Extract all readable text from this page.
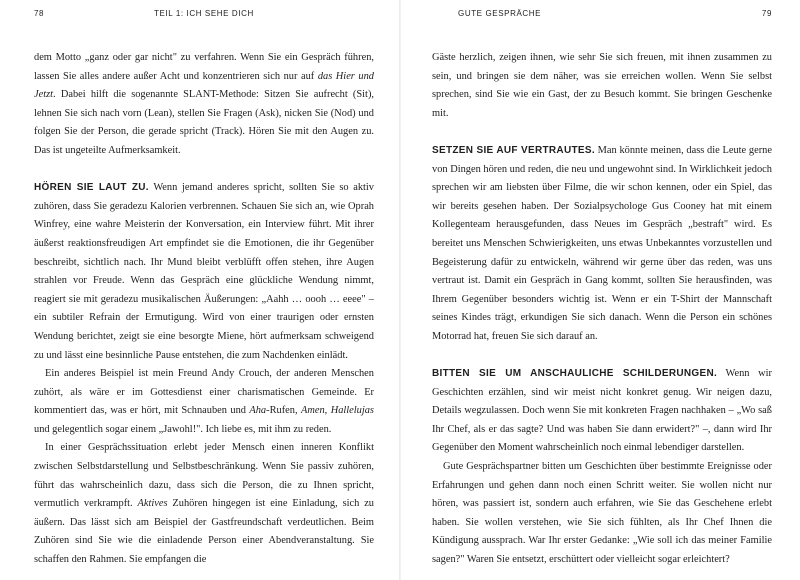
78	TEIL 1: ICH SEHE DICH

dem Motto „ganz oder gar nicht" zu verfahren. Wenn Sie ein Gespräch führen, lassen Sie alles andere außer Acht und konzentrieren sich nur auf das Hier und Jetzt. Dabei hilft die sogenannte SLANT-Methode: Sitzen Sie aufrecht (Sit), lehnen Sie sich nach vorn (Lean), stellen Sie Fragen (Ask), nicken Sie (Nod) und folgen Sie der Person, die gerade spricht (Track). Hören Sie mit den Augen zu. Das ist ungeteilte Aufmerksamkeit.

HÖREN SIE LAUT ZU. Wenn jemand anderes spricht, sollten Sie so aktiv zuhören, dass Sie geradezu Kalorien verbrennen. Schauen Sie sich an, wie Oprah Winfrey, eine wahre Meisterin der Konversation, ein Interview führt. Mit ihrer äußerst reaktionsfreudigen Art empfindet sie die Emotionen, die ihr Gegenüber beschreibt, sichtlich nach. Ihr Mund bleibt verblüfft offen stehen, ihre Augen strahlen vor Freude. Wenn das Gespräch eine glückliche Wendung nimmt, reagiert sie mit geradezu musikalischen Äußerungen: „Aahh … oooh … eeee" – ein subtiler Refrain der Ermutigung. Wird von einer traurigen oder ernsten Wendung berichtet, zeigt sie eine besorgte Miene, hört aufmerksam schweigend zu und lässt eine besinnliche Pause entstehen, die zum Nachdenken einlädt.

Ein anderes Beispiel ist mein Freund Andy Crouch, der anderen Menschen zuhört, als wäre er im Gottesdienst einer charismatischen Gemeinde. Er kommentiert das, was er hört, mit Schnauben und Aha-Rufen, Amen, Hallelujas und gelegentlich sogar einem „Jawohl!". Ich liebe es, mit ihm zu reden.

In einer Gesprächssituation erlebt jeder Mensch einen inneren Konflikt zwischen Selbstdarstellung und Selbstbeschränkung. Wenn Sie passiv zuhören, führt das wahrscheinlich dazu, dass sich die Person, die zu Ihnen spricht, vermutlich verkrampft. Aktives Zuhören hingegen ist eine Einladung, sich zu äußern. Das lässt sich am Beispiel der Gastfreundschaft verdeutlichen. Beim Zuhören sind Sie wie die einladende Person einer Abendveranstaltung. Sie schaffen den Rahmen. Sie empfangen die

GUTE GESPRÄCHE	79

Gäste herzlich, zeigen ihnen, wie sehr Sie sich freuen, mit ihnen zusammen zu sein, und bringen sie dem näher, was sie erreichen wollen. Wenn Sie selbst sprechen, sind Sie wie ein Gast, der zu Besuch kommt. Sie bringen Geschenke mit.

SETZEN SIE AUF VERTRAUTES. Man könnte meinen, dass die Leute gerne von Dingen hören und reden, die neu und ungewohnt sind. In Wirklichkeit jedoch sprechen wir am liebsten über Filme, die wir schon kennen, oder ein Spiel, das wir bereits gesehen haben. Der Sozialpsychologe Gus Cooney hat mit einem Kollegenteam herausgefunden, dass Neues im Gespräch „bestraft" wird. Es bereitet uns Menschen Schwierigkeiten, uns etwas Unbekanntes vorzustellen und Begeisterung dafür zu entwickeln, während wir gerne über das reden, was uns vertraut ist. Damit ein Gespräch in Gang kommt, sollten Sie herausfinden, was Ihrem Gegenüber besonders wichtig ist. Wenn er ein T-Shirt der Mannschaft seines Kindes trägt, erkundigen Sie sich danach. Wenn die Person ein schönes Motorrad hat, freuen Sie sich darauf an.

BITTEN SIE UM ANSCHAULICHE SCHILDERUNGEN. Wenn wir Geschichten erzählen, sind wir meist nicht konkret genug. Wir neigen dazu, Details wegzulassen. Doch wenn Sie mit konkreten Fragen nachhaken – „Wo saß Ihr Chef, als er das sagte? Und was haben Sie dann erwidert?" –, dann wird Ihr Gegenüber den Moment wahrscheinlich noch einmal lebendiger darstellen.

Gute Gesprächspartner bitten um Geschichten über bestimmte Ereignisse oder Erfahrungen und gehen dann noch einen Schritt weiter. Sie wollen nicht nur hören, was passiert ist, sondern auch erfahren, wie Sie das Geschehene erlebt haben. Sie wollen verstehen, wie Sie sich fühlten, als Ihr Chef Ihnen die Kündigung aussprach. War Ihr erster Gedanke: „Wie soll ich das meiner Familie sagen?" Waren Sie entsetzt, erschüttert oder vielleicht sogar erleichtert?
